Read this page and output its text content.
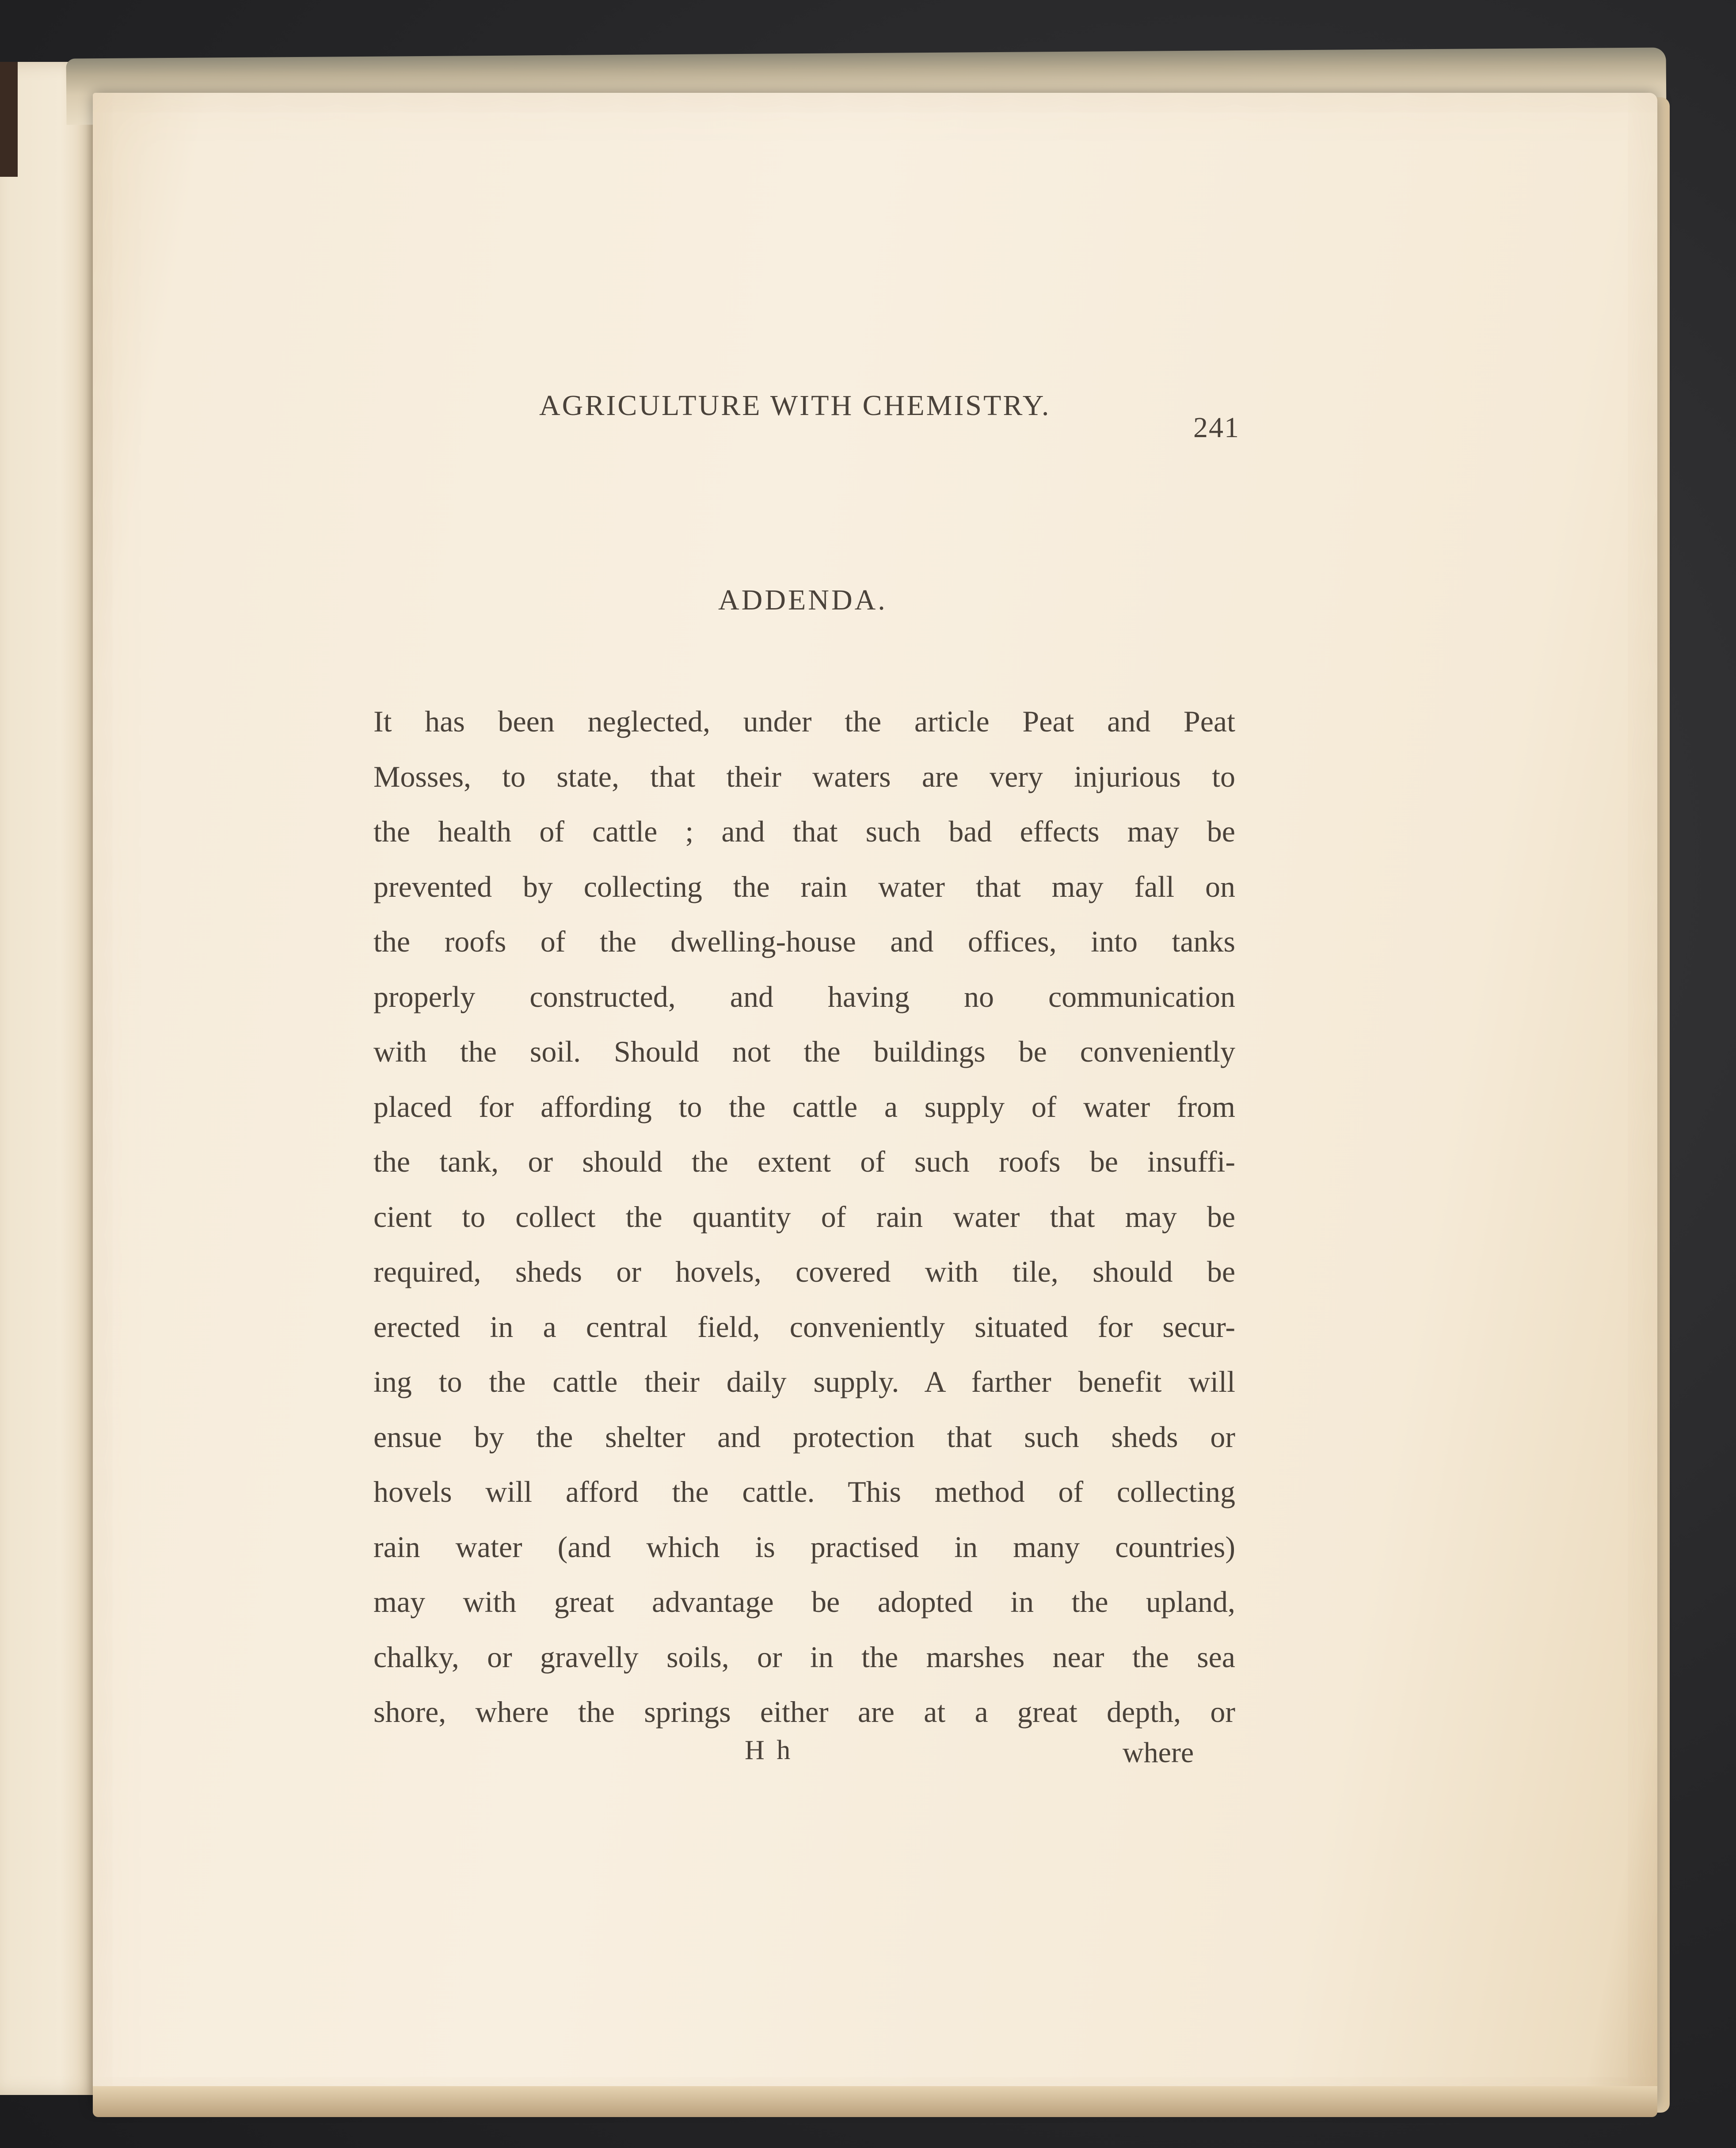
AGRICULTURE WITH CHEMISTRY.
241
ADDENDA.
It has been neglected, under the article Peat and Peat
Mosses, to state, that their waters are very injurious to
the health of cattle ; and that such bad effects may be
prevented by collecting the rain water that may fall on
the roofs of the dwelling-house and offices, into tanks
properly constructed, and having no communication
with the soil. Should not the buildings be conveniently
placed for affording to the cattle a supply of water from
the tank, or should the extent of such roofs be insuffi-
cient to collect the quantity of rain water that may be
required, sheds or hovels, covered with tile, should be
erected in a central field, conveniently situated for secur-
ing to the cattle their daily supply. A farther benefit will
ensue by the shelter and protection that such sheds or
hovels will afford the cattle. This method of collecting
rain water (and which is practised in many countries)
may with great advantage be adopted in the upland,
chalky, or gravelly soils, or in the marshes near the sea
shore, where the springs either are at a great depth, or
H h	where
